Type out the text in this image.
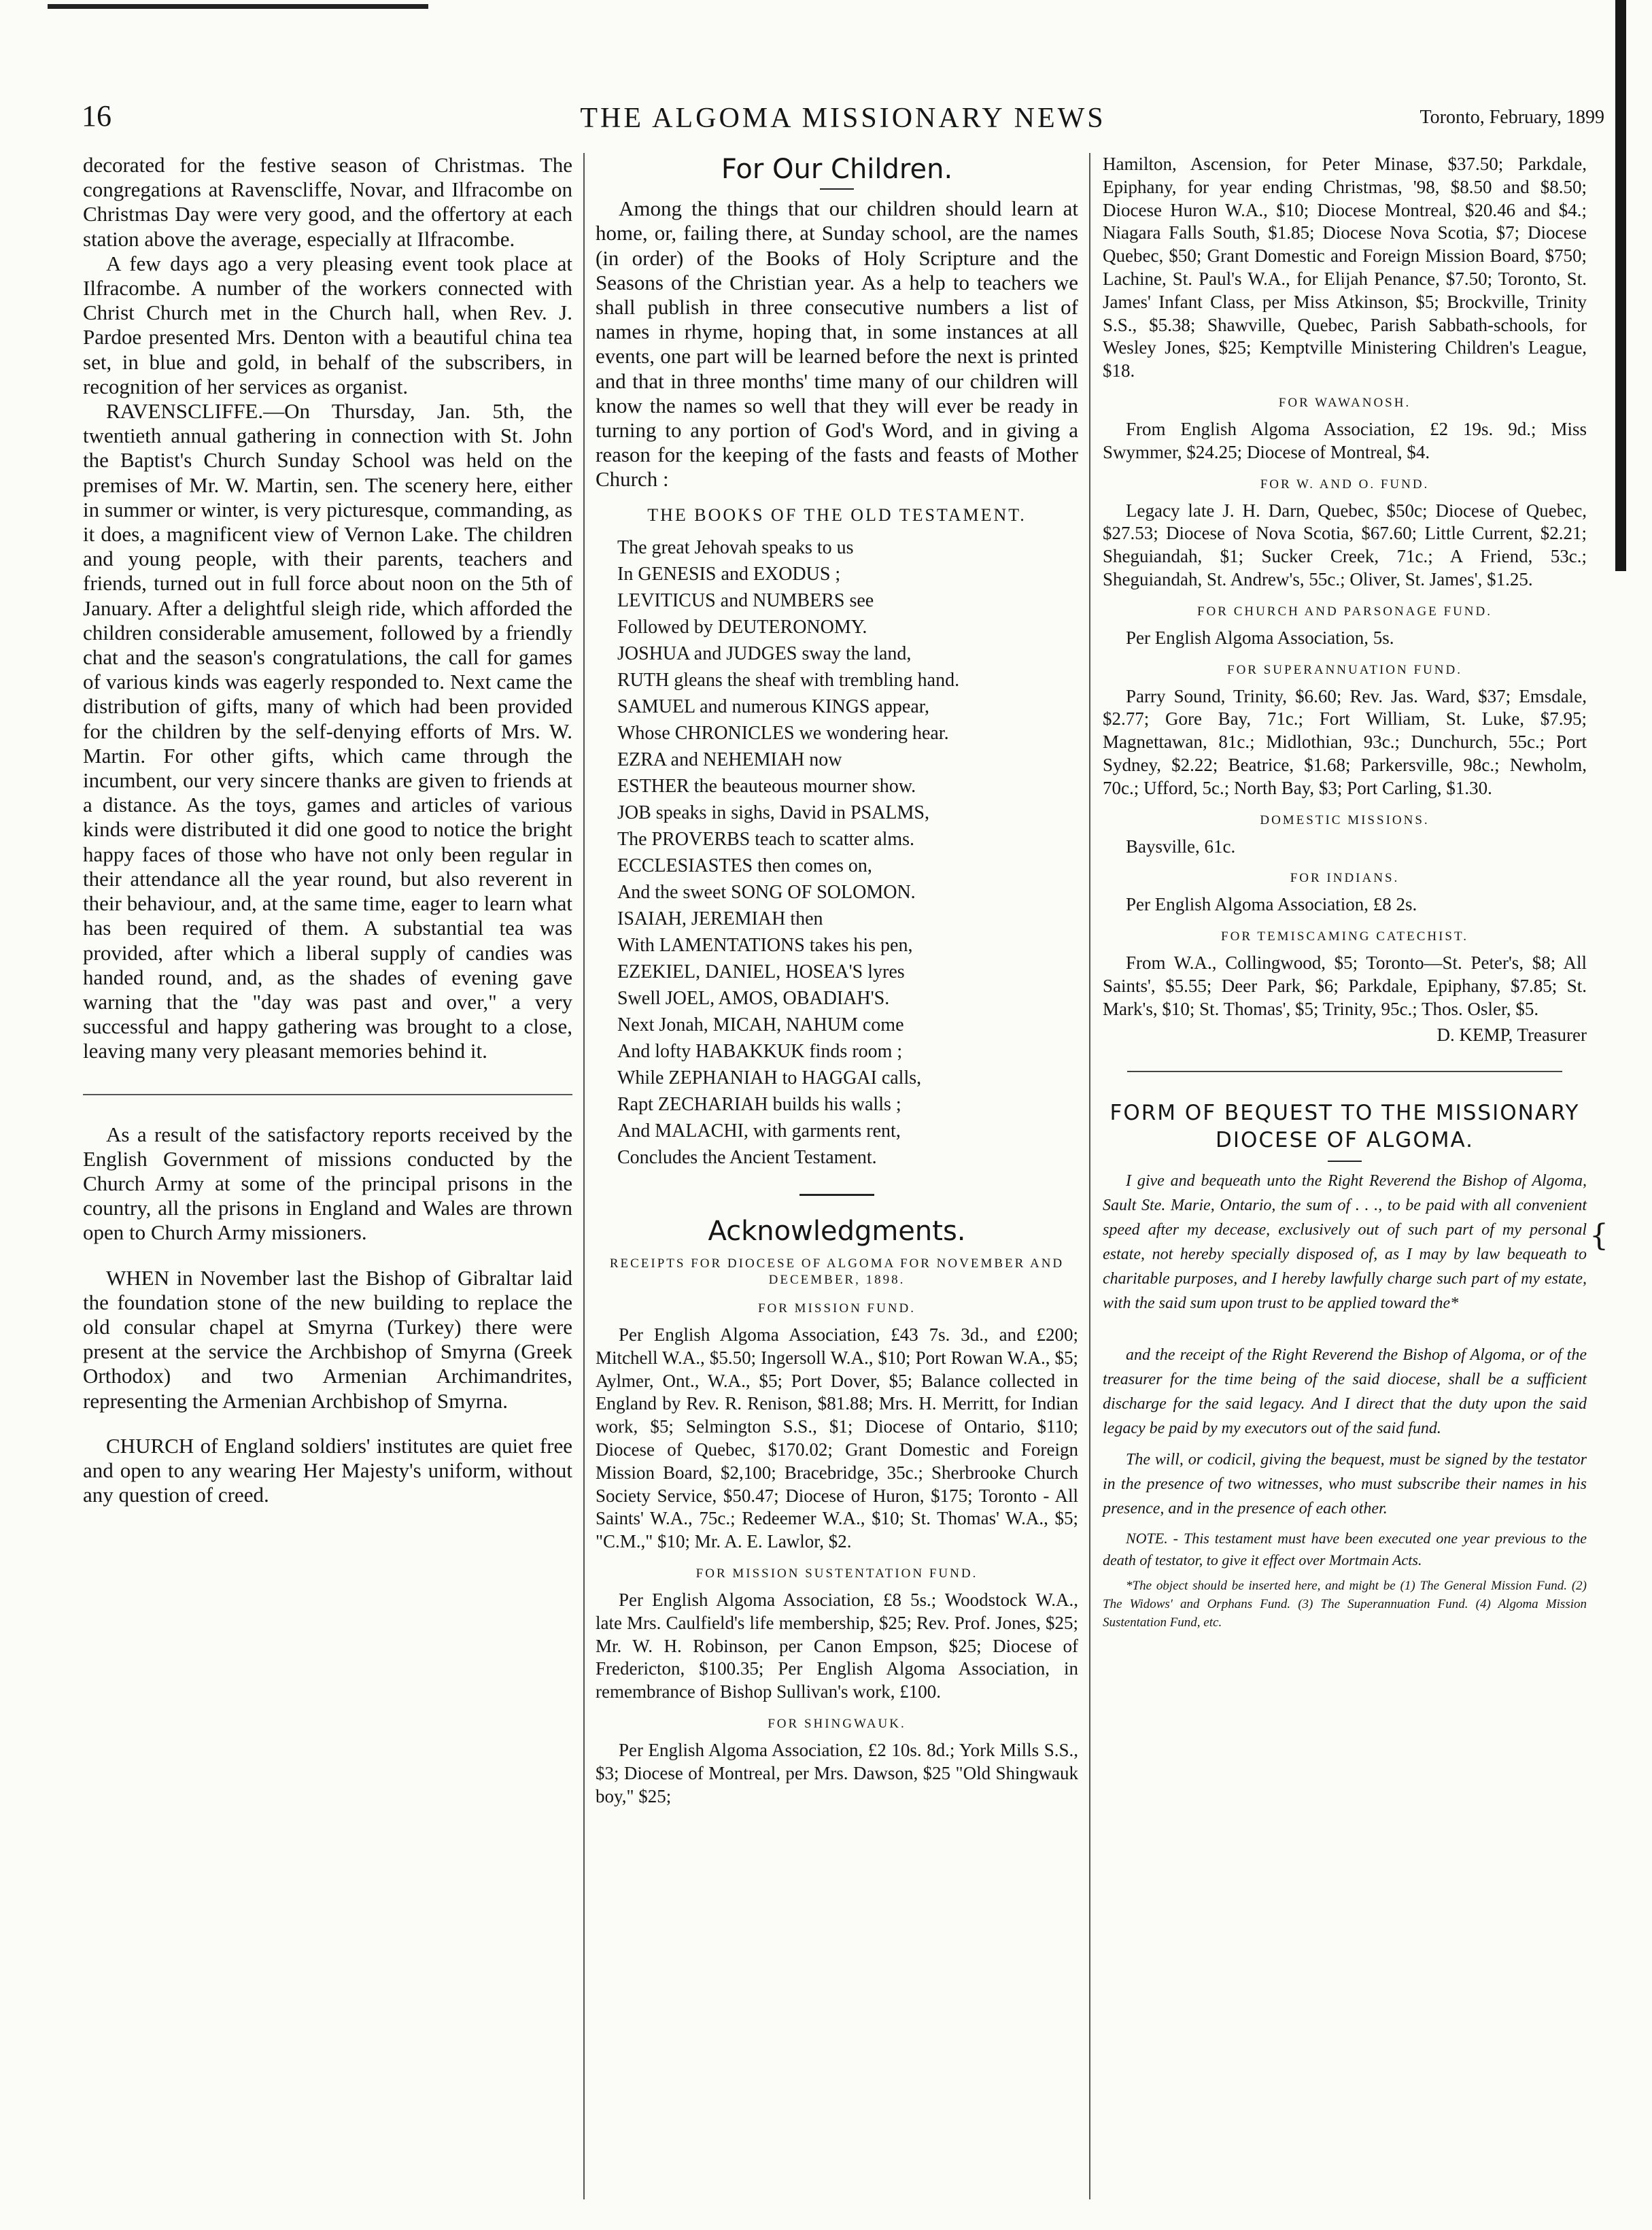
16	THE ALGOMA MISSIONARY NEWS	Toronto, February, 1899

decorated for the festive season of Christmas. The congregations at Ravenscliffe, Novar, and Ilfracombe on Christmas Day were very good, and the offertory at each station above the average, especially at Ilfracombe.

A few days ago a very pleasing event took place at Ilfracombe. A number of the workers connected with Christ Church met in the Church hall, when Rev. J. Pardoe presented Mrs. Denton with a beautiful china tea set, in blue and gold, in behalf of the subscribers, in recognition of her services as organist.

RAVENSCLIFFE.—On Thursday, Jan. 5th, the twentieth annual gathering in connection with St. John the Baptist's Church Sunday School was held on the premises of Mr. W. Martin, sen. The scenery here, either in summer or winter, is very picturesque, commanding, as it does, a magnificent view of Vernon Lake. The children and young people, with their parents, teachers and friends, turned out in full force about noon on the 5th of January. After a delightful sleigh ride, which afforded the children considerable amusement, followed by a friendly chat and the season's congratulations, the call for games of various kinds was eagerly responded to. Next came the distribution of gifts, many of which had been provided for the children by the self-denying efforts of Mrs. W. Martin. For other gifts, which came through the incumbent, our very sincere thanks are given to friends at a distance. As the toys, games and articles of various kinds were distributed it did one good to notice the bright happy faces of those who have not only been regular in their attendance all the year round, but also reverent in their behaviour, and, at the same time, eager to learn what has been required of them. A substantial tea was provided, after which a liberal supply of candies was handed round, and, as the shades of evening gave warning that the "day was past and over," a very successful and happy gathering was brought to a close, leaving many very pleasant memories behind it.

As a result of the satisfactory reports received by the English Government of missions conducted by the Church Army at some of the principal prisons in the country, all the prisons in England and Wales are thrown open to Church Army missioners.

WHEN in November last the Bishop of Gibraltar laid the foundation stone of the new building to replace the old consular chapel at Smyrna (Turkey) there were present at the service the Archbishop of Smyrna (Greek Orthodox) and two Armenian Archimandrites, representing the Armenian Archbishop of Smyrna.

CHURCH of England soldiers' institutes are quiet free and open to any wearing Her Majesty's uniform, without any question of creed.

For Our Children.

Among the things that our children should learn at home, or, failing there, at Sunday school, are the names (in order) of the Books of Holy Scripture and the Seasons of the Christian year. As a help to teachers we shall publish in three consecutive numbers a list of names in rhyme, hoping that, in some instances at all events, one part will be learned before the next is printed and that in three months' time many of our children will know the names so well that they will ever be ready in turning to any portion of God's Word, and in giving a reason for the keeping of the fasts and feasts of Mother Church :

THE BOOKS OF THE OLD TESTAMENT.
The great Jehovah speaks to us
In GENESIS and EXODUS ;
LEVITICUS and NUMBERS see
Followed by DEUTERONOMY.
JOSHUA and JUDGES sway the land,
RUTH gleans the sheaf with trembling hand.
SAMUEL and numerous KINGS appear,
Whose CHRONICLES we wondering hear.
EZRA and NEHEMIAH now
ESTHER the beauteous mourner show.
JOB speaks in sighs, David in PSALMS,
The PROVERBS teach to scatter alms.
ECCLESIASTES then comes on,
And the sweet SONG OF SOLOMON.
ISAIAH, JEREMIAH then
With LAMENTATIONS takes his pen,
EZEKIEL, DANIEL, HOSEA'S lyres
Swell JOEL, AMOS, OBADIAH'S.
Next Jonah, MICAH, NAHUM come
And lofty HABAKKUK finds room ;
While ZEPHANIAH to HAGGAI calls,
Rapt ZECHARIAH builds his walls ;
And MALACHI, with garments rent,
Concludes the Ancient Testament.
Acknowledgments.
RECEIPTS FOR DIOCESE OF ALGOMA FOR NOVEMBER AND DECEMBER, 1898.
FOR MISSION FUND.

Per English Algoma Association, £43 7s. 3d., and £200; Mitchell W.A., $5.50; Ingersoll W.A., $10; Port Rowan W.A., $5; Aylmer, Ont., W.A., $5; Port Dover, $5; Balance collected in England by Rev. R. Renison, $81.88; Mrs. H. Merritt, for Indian work, $5; Selmington S.S., $1; Diocese of Ontario, $110; Diocese of Quebec, $170.02; Grant Domestic and Foreign Mission Board, $2,100; Bracebridge, 35c.; Sherbrooke Church Society Service, $50.47; Diocese of Huron, $175; Toronto - All Saints' W.A., 75c.; Redeemer W.A., $10; St. Thomas' W.A., $5; "C.M.," $10; Mr. A. E. Lawlor, $2.

FOR MISSION SUSTENTATION FUND.

Per English Algoma Association, £8 5s.; Woodstock W.A., late Mrs. Caulfield's life membership, $25; Rev. Prof. Jones, $25; Mr. W. H. Robinson, per Canon Empson, $25; Diocese of Fredericton, $100.35; Per English Algoma Association, in remembrance of Bishop Sullivan's work, £100.

FOR SHINGWAUK.

Per English Algoma Association, £2 10s. 8d.; York Mills S.S., $3; Diocese of Montreal, per Mrs. Dawson, $25 "Old Shingwauk boy," $25;

Hamilton, Ascension, for Peter Minase, $37.50; Parkdale, Epiphany, for year ending Christmas, '98, $8.50 and $8.50; Diocese Huron W.A., $10; Diocese Montreal, $20.46 and $4.; Niagara Falls South, $1.85; Diocese Nova Scotia, $7; Diocese Quebec, $50; Grant Domestic and Foreign Mission Board, $750; Lachine, St. Paul's W.A., for Elijah Penance, $7.50; Toronto, St. James' Infant Class, per Miss Atkinson, $5; Brockville, Trinity S.S., $5.38; Shawville, Quebec, Parish Sabbath-schools, for Wesley Jones, $25; Kemptville Ministering Children's League, $18.

FOR WAWANOSH.

From English Algoma Association, £2 19s. 9d.; Miss Swymmer, $24.25; Diocese of Montreal, $4.

FOR W. AND O. FUND.

Legacy late J. H. Darn, Quebec, $50c; Diocese of Quebec, $27.53; Diocese of Nova Scotia, $67.60; Little Current, $2.21; Sheguiandah, $1; Sucker Creek, 71c.; A Friend, 53c.; Sheguiandah, St. Andrew's, 55c.; Oliver, St. James', $1.25.

FOR CHURCH AND PARSONAGE FUND.

Per English Algoma Association, 5s.

FOR SUPERANNUATION FUND.

Parry Sound, Trinity, $6.60; Rev. Jas. Ward, $37; Emsdale, $2.77; Gore Bay, 71c.; Fort William, St. Luke, $7.95; Magnettawan, 81c.; Midlothian, 93c.; Dunchurch, 55c.; Port Sydney, $2.22; Beatrice, $1.68; Parkersville, 98c.; Newholm, 70c.; Ufford, 5c.; North Bay, $3; Port Carling, $1.30.

DOMESTIC MISSIONS.

Baysville, 61c.

FOR INDIANS.

Per English Algoma Association, £8 2s.

FOR TEMISCAMING CATECHIST.

From W.A., Collingwood, $5; Toronto—St. Peter's, $8; All Saints', $5.55; Deer Park, $6; Parkdale, Epiphany, $7.85; St. Mark's, $10; St. Thomas', $5; Trinity, 95c.; Thos. Osler, $5.

D. KEMP, Treasurer
FORM OF BEQUEST TO THE MISSIONARY DIOCESE OF ALGOMA.

I give and bequeath unto the Right Reverend the Bishop of Algoma, Sault Ste. Marie, Ontario, the sum of . . ., to be paid with all convenient speed after my decease, exclusively out of such part of my personal estate, not hereby specially disposed of, as I may by law bequeath to charitable purposes, and I hereby lawfully charge such part of my estate, with the said sum upon trust to be applied toward the*

and the receipt of the Right Reverend the Bishop of Algoma, or of the treasurer for the time being of the said diocese, shall be a sufficient discharge for the said legacy. And I direct that the duty upon the said legacy be paid by my executors out of the said fund.

The will, or codicil, giving the bequest, must be signed by the testator in the presence of two witnesses, who must subscribe their names in his presence, and in the presence of each other.

NOTE. - This testament must have been executed one year previous to the death of testator, to give it effect over Mortmain Acts.

*The object should be inserted here, and might be (1) The General Mission Fund. (2) The Widows' and Orphans Fund. (3) The Superannuation Fund. (4) Algoma Mission Sustentation Fund, etc.

{
